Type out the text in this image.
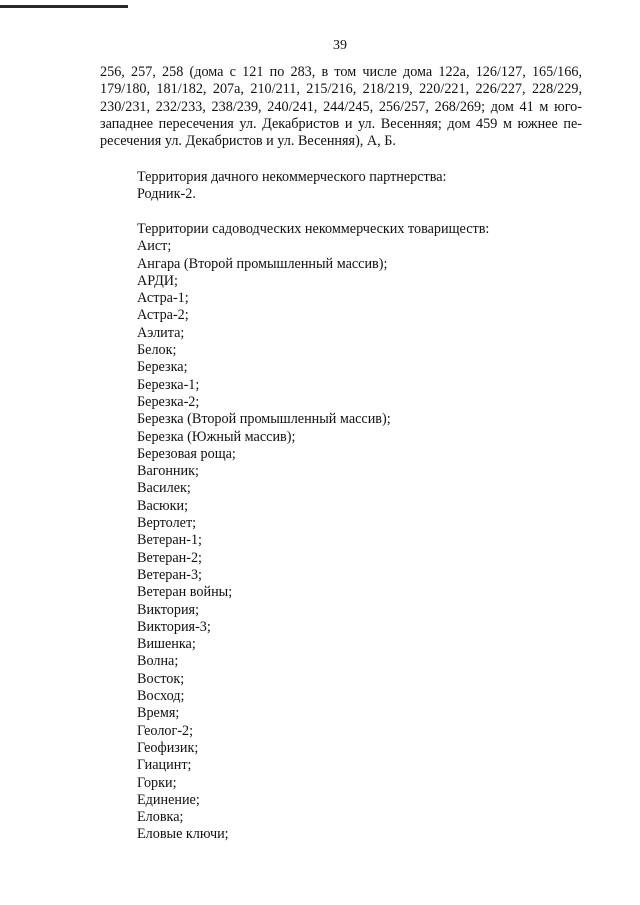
39

256, 257, 258 (дома с 121 по 283, в том числе дома 122а, 126/127, 165/166,
179/180, 181/182, 207а, 210/211, 215/216, 218/219, 220/221, 226/227, 228/229,
230/231, 232/233, 238/239, 240/241, 244/245, 256/257, 268/269; дом 41 м юго-
западнее пересечения ул. Декабристов и ул. Весенняя; дом 459 м южнее пе-
ресечения ул. Декабристов и ул. Весенняя), А, Б.

Территория дачного некоммерческого партнерства:
Родник-2.
Территории садоводческих некоммерческих товариществ:
Аист;
Ангара (Второй промышленный массив);
АРДИ;
Астра-1;
Астра-2;
Аэлита;
Белок;
Березка;
Березка-1;
Березка-2;
Березка (Второй промышленный массив);
Березка (Южный массив);
Березовая роща;
Вагонник;
Василек;
Васюки;
Вертолет;
Ветеран-1;
Ветеран-2;
Ветеран-3;
Ветеран войны;
Виктория;
Виктория-3;
Вишенка;
Волна;
Восток;
Восход;
Время;
Геолог-2;
Геофизик;
Гиацинт;
Горки;
Единение;
Еловка;
Еловые ключи;
